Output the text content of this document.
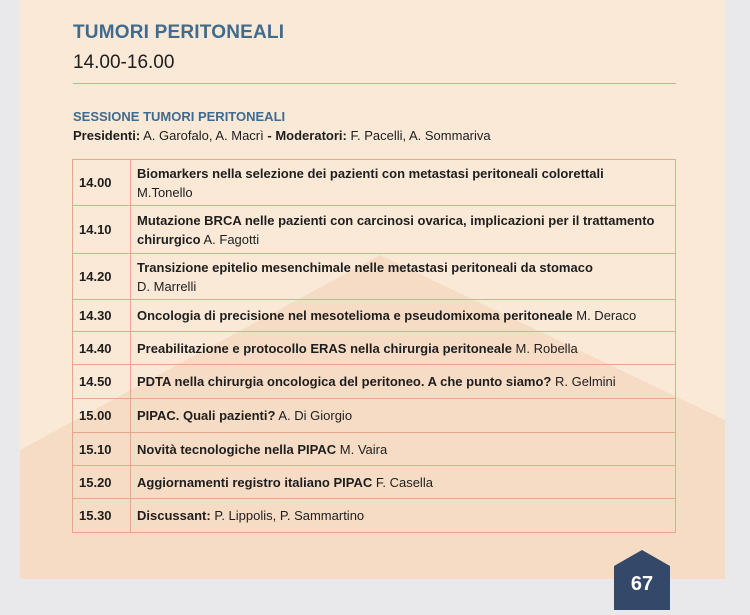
TUMORI PERITONEALI
14.00-16.00
SESSIONE TUMORI PERITONEALI
Presidenti: A. Garofalo, A. Macrì - Moderatori: F. Pacelli, A. Sommariva
14.00	Biomarkers nella selezione dei pazienti con metastasi peritoneali colorettali
M.Tonello
14.10	Mutazione BRCA nelle pazienti con carcinosi ovarica, implicazioni per il trattamento chirurgico A. Fagotti
14.20	Transizione epitelio mesenchimale nelle metastasi peritoneali da stomaco
D. Marrelli
14.30	Oncologia di precisione nel mesotelioma e pseudomixoma peritoneale M. Deraco
14.40	Preabilitazione e protocollo ERAS nella chirurgia peritoneale M. Robella
14.50	PDTA nella chirurgia oncologica del peritoneo. A che punto siamo? R. Gelmini
15.00	PIPAC. Quali pazienti? A. Di Giorgio
15.10	Novità tecnologiche nella PIPAC M. Vaira
15.20	Aggiornamenti registro italiano PIPAC F. Casella
15.30	Discussant: P. Lippolis, P. Sammartino
67
